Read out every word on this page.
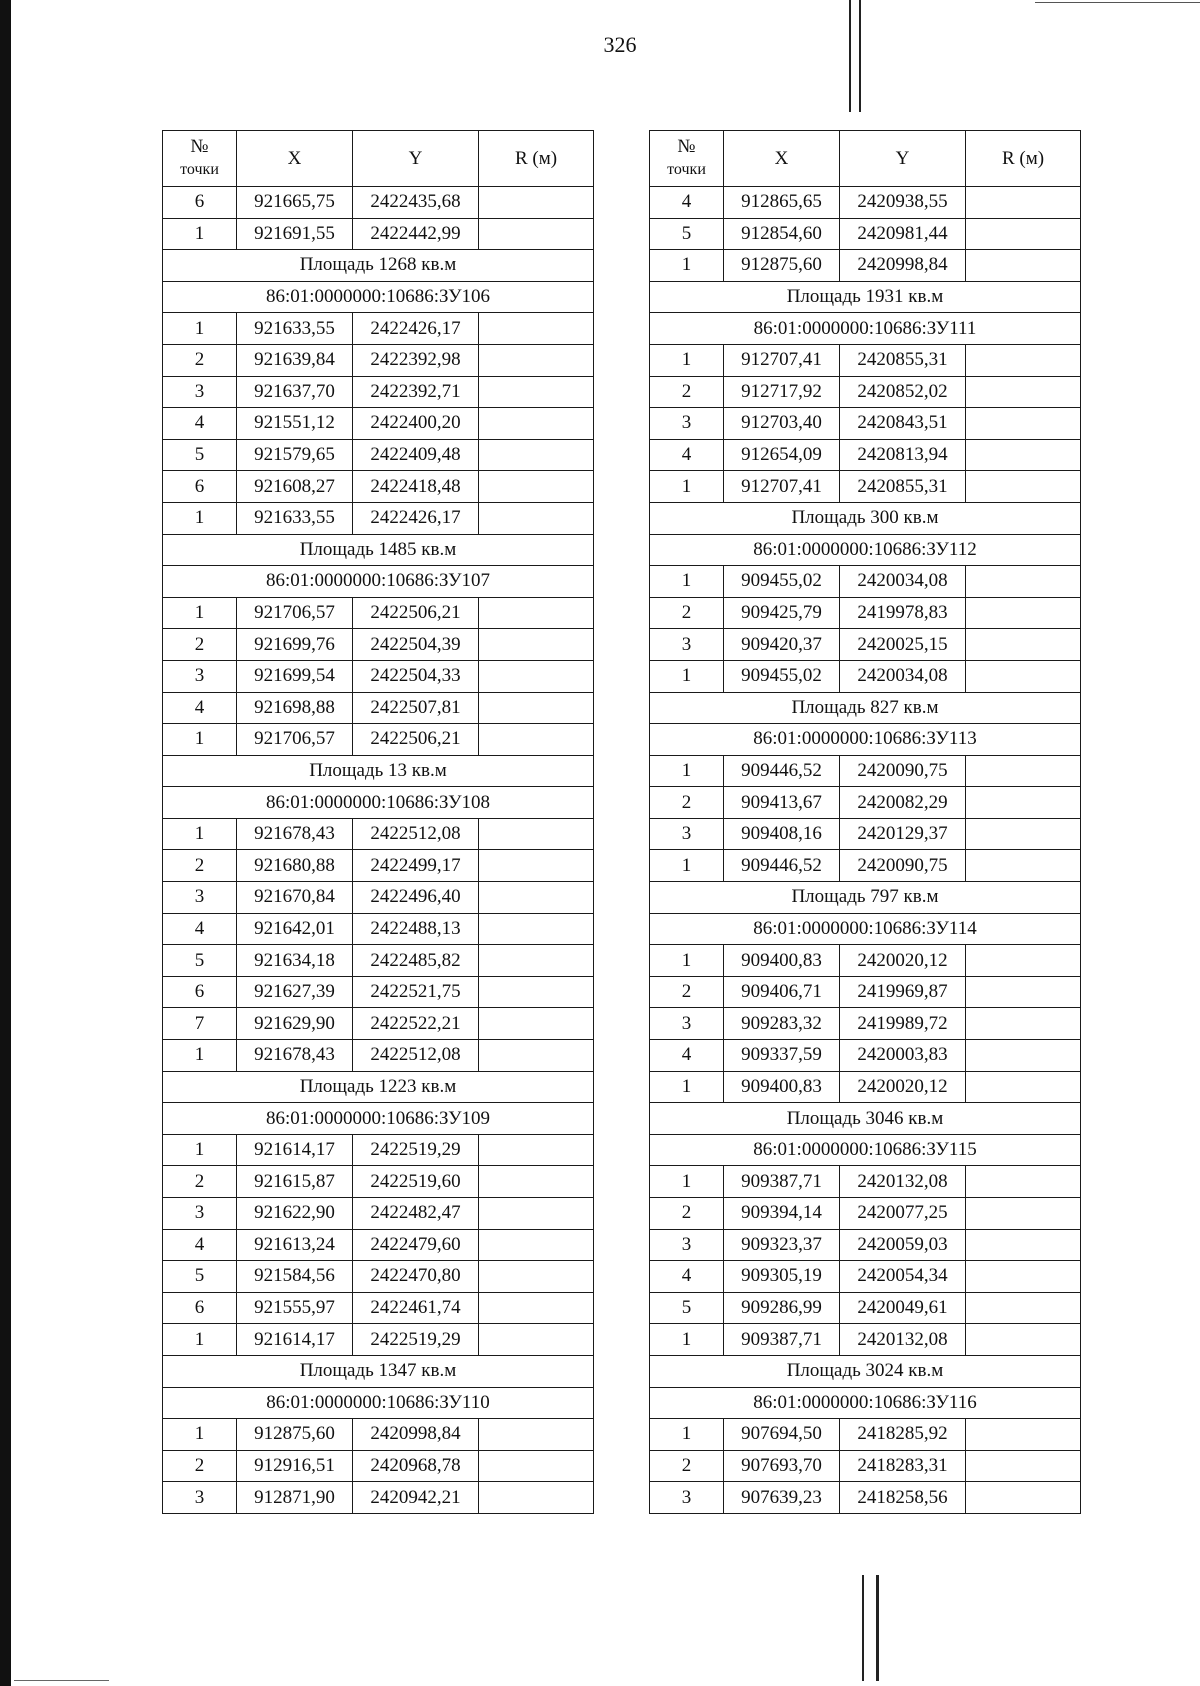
326
№
точки	X	Y	R (м)
6	921665,75	2422435,68	
1	921691,55	2422442,99	
Площадь 1268 кв.м			
86:01:0000000:10686:ЗУ106			
1	921633,55	2422426,17	
2	921639,84	2422392,98	
3	921637,70	2422392,71	
4	921551,12	2422400,20	
5	921579,65	2422409,48	
6	921608,27	2422418,48	
1	921633,55	2422426,17	
Площадь 1485 кв.м			
86:01:0000000:10686:ЗУ107			
1	921706,57	2422506,21	
2	921699,76	2422504,39	
3	921699,54	2422504,33	
4	921698,88	2422507,81	
1	921706,57	2422506,21	
Площадь 13 кв.м			
86:01:0000000:10686:ЗУ108			
1	921678,43	2422512,08	
2	921680,88	2422499,17	
3	921670,84	2422496,40	
4	921642,01	2422488,13	
5	921634,18	2422485,82	
6	921627,39	2422521,75	
7	921629,90	2422522,21	
1	921678,43	2422512,08	
Площадь 1223 кв.м			
86:01:0000000:10686:ЗУ109			
1	921614,17	2422519,29	
2	921615,87	2422519,60	
3	921622,90	2422482,47	
4	921613,24	2422479,60	
5	921584,56	2422470,80	
6	921555,97	2422461,74	
1	921614,17	2422519,29	
Площадь 1347 кв.м			
86:01:0000000:10686:ЗУ110			
1	912875,60	2420998,84	
2	912916,51	2420968,78	
3	912871,90	2420942,21	
№
точки	X	Y	R (м)
4	912865,65	2420938,55	
5	912854,60	2420981,44	
1	912875,60	2420998,84	
Площадь 1931 кв.м			
86:01:0000000:10686:ЗУ111			
1	912707,41	2420855,31	
2	912717,92	2420852,02	
3	912703,40	2420843,51	
4	912654,09	2420813,94	
1	912707,41	2420855,31	
Площадь 300 кв.м			
86:01:0000000:10686:ЗУ112			
1	909455,02	2420034,08	
2	909425,79	2419978,83	
3	909420,37	2420025,15	
1	909455,02	2420034,08	
Площадь 827 кв.м			
86:01:0000000:10686:ЗУ113			
1	909446,52	2420090,75	
2	909413,67	2420082,29	
3	909408,16	2420129,37	
1	909446,52	2420090,75	
Площадь 797 кв.м			
86:01:0000000:10686:ЗУ114			
1	909400,83	2420020,12	
2	909406,71	2419969,87	
3	909283,32	2419989,72	
4	909337,59	2420003,83	
1	909400,83	2420020,12	
Площадь 3046 кв.м			
86:01:0000000:10686:ЗУ115			
1	909387,71	2420132,08	
2	909394,14	2420077,25	
3	909323,37	2420059,03	
4	909305,19	2420054,34	
5	909286,99	2420049,61	
1	909387,71	2420132,08	
Площадь 3024 кв.м			
86:01:0000000:10686:ЗУ116			
1	907694,50	2418285,92	
2	907693,70	2418283,31	
3	907639,23	2418258,56	
